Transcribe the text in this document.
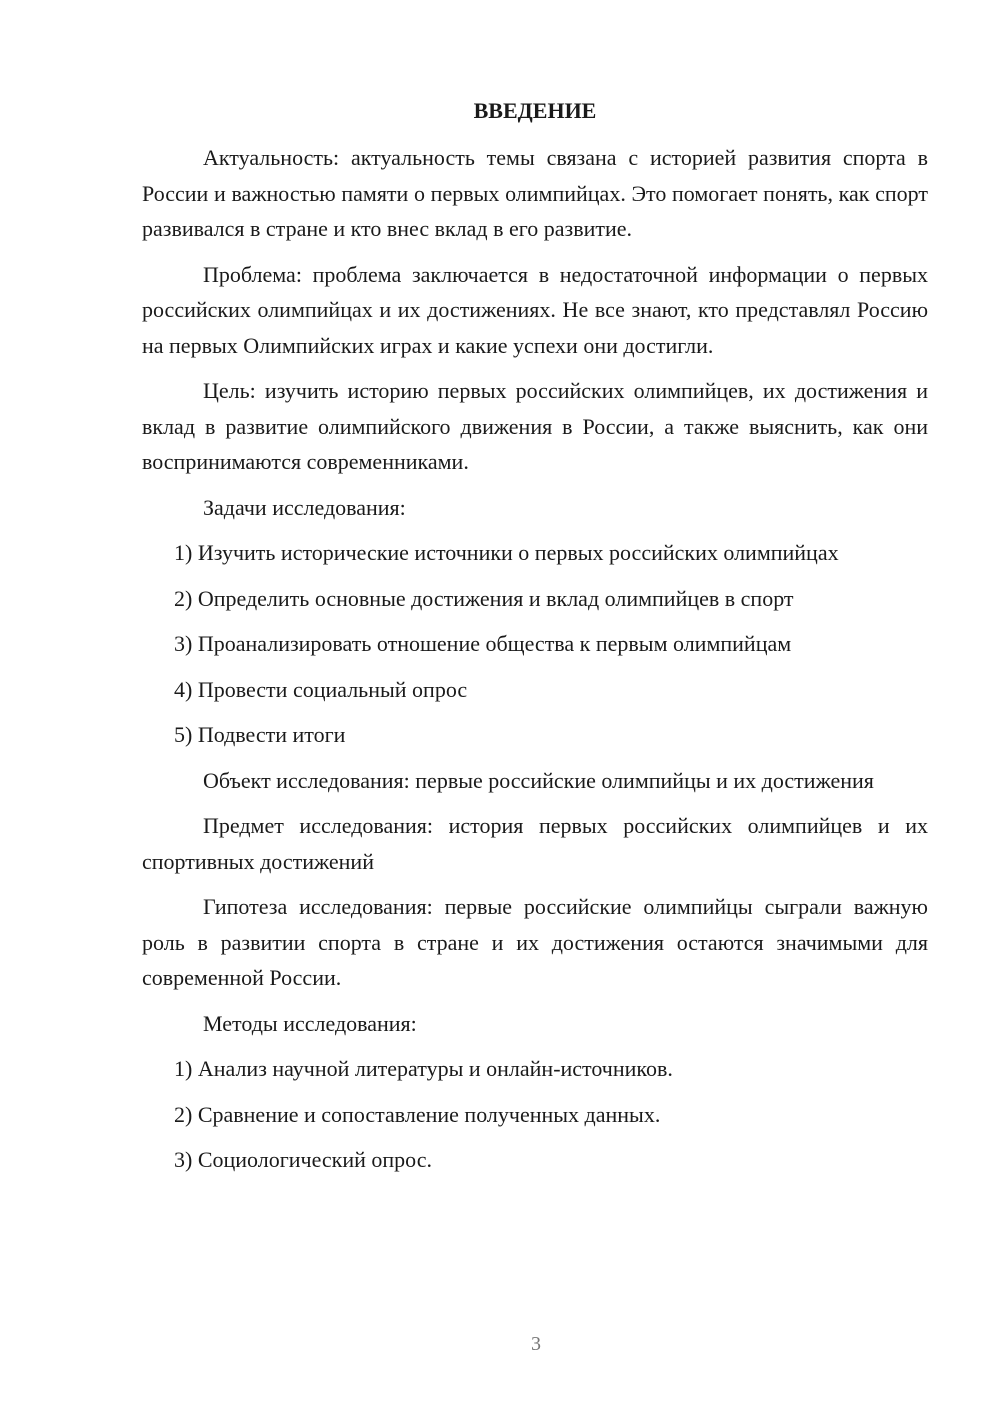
ВВЕДЕНИЕ

Актуальность: актуальность темы связана с историей развития спорта в России и важностью памяти о первых олимпийцах. Это помогает понять, как спорт развивался в стране и кто внес вклад в его развитие.

Проблема: проблема заключается в недостаточной информации о первых российских олимпийцах и их достижениях. Не все знают, кто представлял Россию на первых Олимпийских играх и какие успехи они достигли.

Цель: изучить историю первых российских олимпийцев, их достижения и вклад в развитие олимпийского движения в России, а также выяснить, как они воспринимаются современниками.

Задачи исследования:

1) Изучить исторические источники о первых российских олимпийцах

2) Определить основные достижения и вклад олимпийцев в спорт

3) Проанализировать отношение общества к первым олимпийцам

4) Провести социальный опрос

5) Подвести итоги

Объект исследования: первые российские олимпийцы и их достижения

Предмет исследования: история первых российских олимпийцев и их спортивных достижений

Гипотеза исследования: первые российские олимпийцы сыграли важную роль в развитии спорта в стране и их достижения остаются значимыми для современной России.

Методы исследования:

1) Анализ научной литературы и онлайн-источников.

2) Сравнение и сопоставление полученных данных.

3) Социологический опрос.

3
